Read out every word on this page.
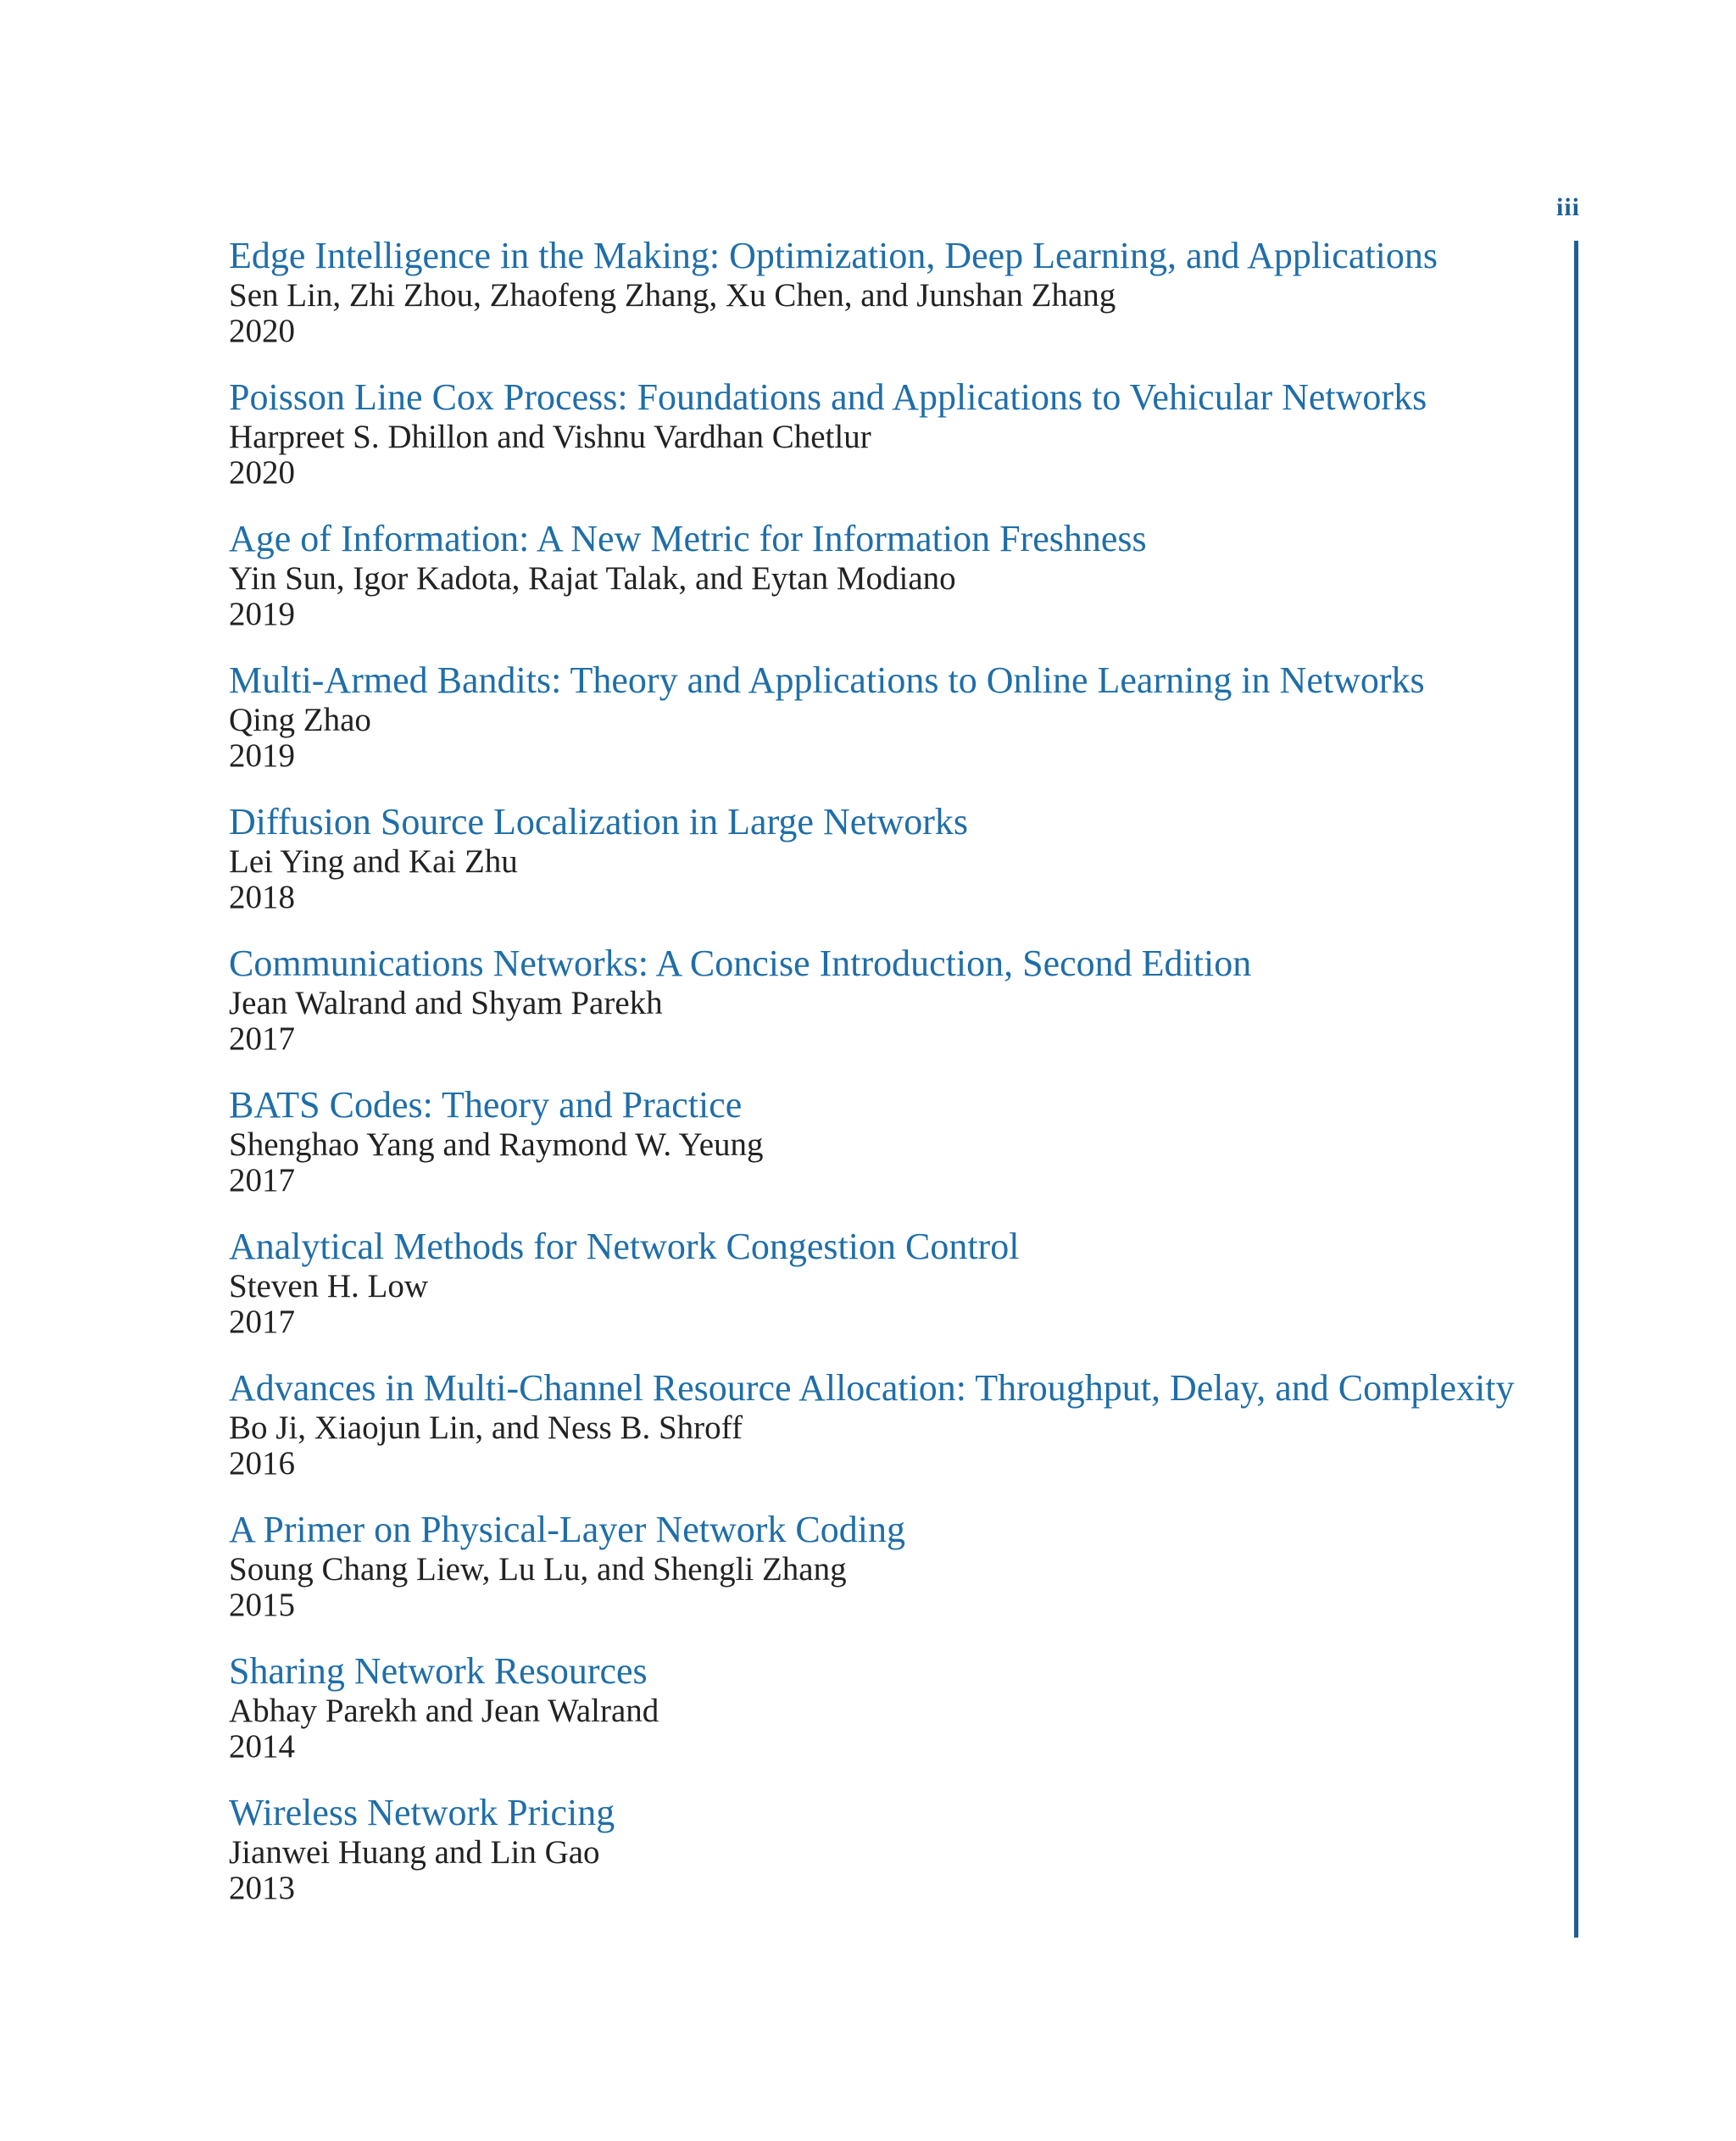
iii
Edge Intelligence in the Making: Optimization, Deep Learning, and Applications
Sen Lin, Zhi Zhou, Zhaofeng Zhang, Xu Chen, and Junshan Zhang
2020
Poisson Line Cox Process: Foundations and Applications to Vehicular Networks
Harpreet S. Dhillon and Vishnu Vardhan Chetlur
2020
Age of Information: A New Metric for Information Freshness
Yin Sun, Igor Kadota, Rajat Talak, and Eytan Modiano
2019
Multi-Armed Bandits: Theory and Applications to Online Learning in Networks
Qing Zhao
2019
Diffusion Source Localization in Large Networks
Lei Ying and Kai Zhu
2018
Communications Networks: A Concise Introduction, Second Edition
Jean Walrand and Shyam Parekh
2017
BATS Codes: Theory and Practice
Shenghao Yang and Raymond W. Yeung
2017
Analytical Methods for Network Congestion Control
Steven H. Low
2017
Advances in Multi-Channel Resource Allocation: Throughput, Delay, and Complexity
Bo Ji, Xiaojun Lin, and Ness B. Shroff
2016
A Primer on Physical-Layer Network Coding
Soung Chang Liew, Lu Lu, and Shengli Zhang
2015
Sharing Network Resources
Abhay Parekh and Jean Walrand
2014
Wireless Network Pricing
Jianwei Huang and Lin Gao
2013
